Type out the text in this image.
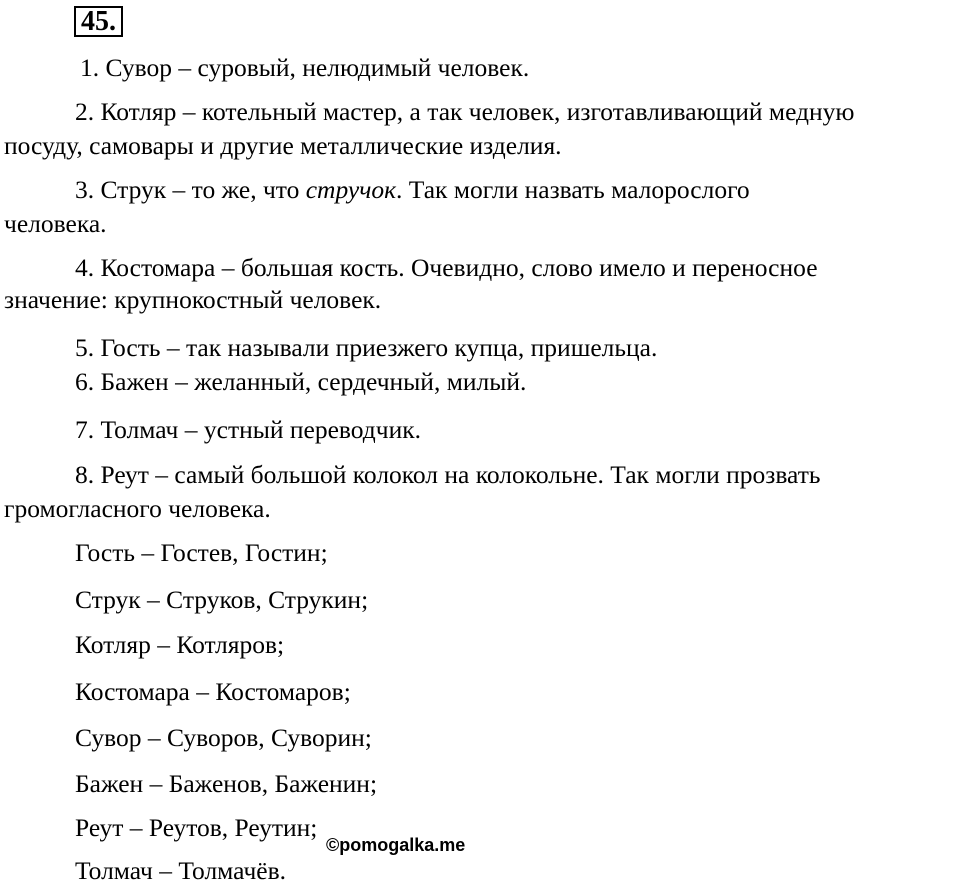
45.
1. Сувор – суровый, нелюдимый человек.
2. Котляр – котельный мастер, а так человек, изготавливающий медную
посуду, самовары и другие металлические изделия.
3. Струк – то же, что стручок. Так могли назвать малорослого
человека.
4. Костомара – большая кость. Очевидно, слово имело и переносное
значение: крупнокостный человек.
5. Гость – так называли приезжего купца, пришельца.
6. Бажен – желанный, сердечный, милый.
7. Толмач – устный переводчик.
8. Реут – самый большой колокол на колокольне. Так могли прозвать
громогласного человека.
Гость – Гостев, Гостин;
Струк – Струков, Струкин;
Котляр – Котляров;
Костомара – Костомаров;
Сувор – Суворов, Суворин;
Бажен – Баженов, Баженин;
Реут – Реутов, Реутин;
Толмач – Толмачёв.
©pomogalka.me
